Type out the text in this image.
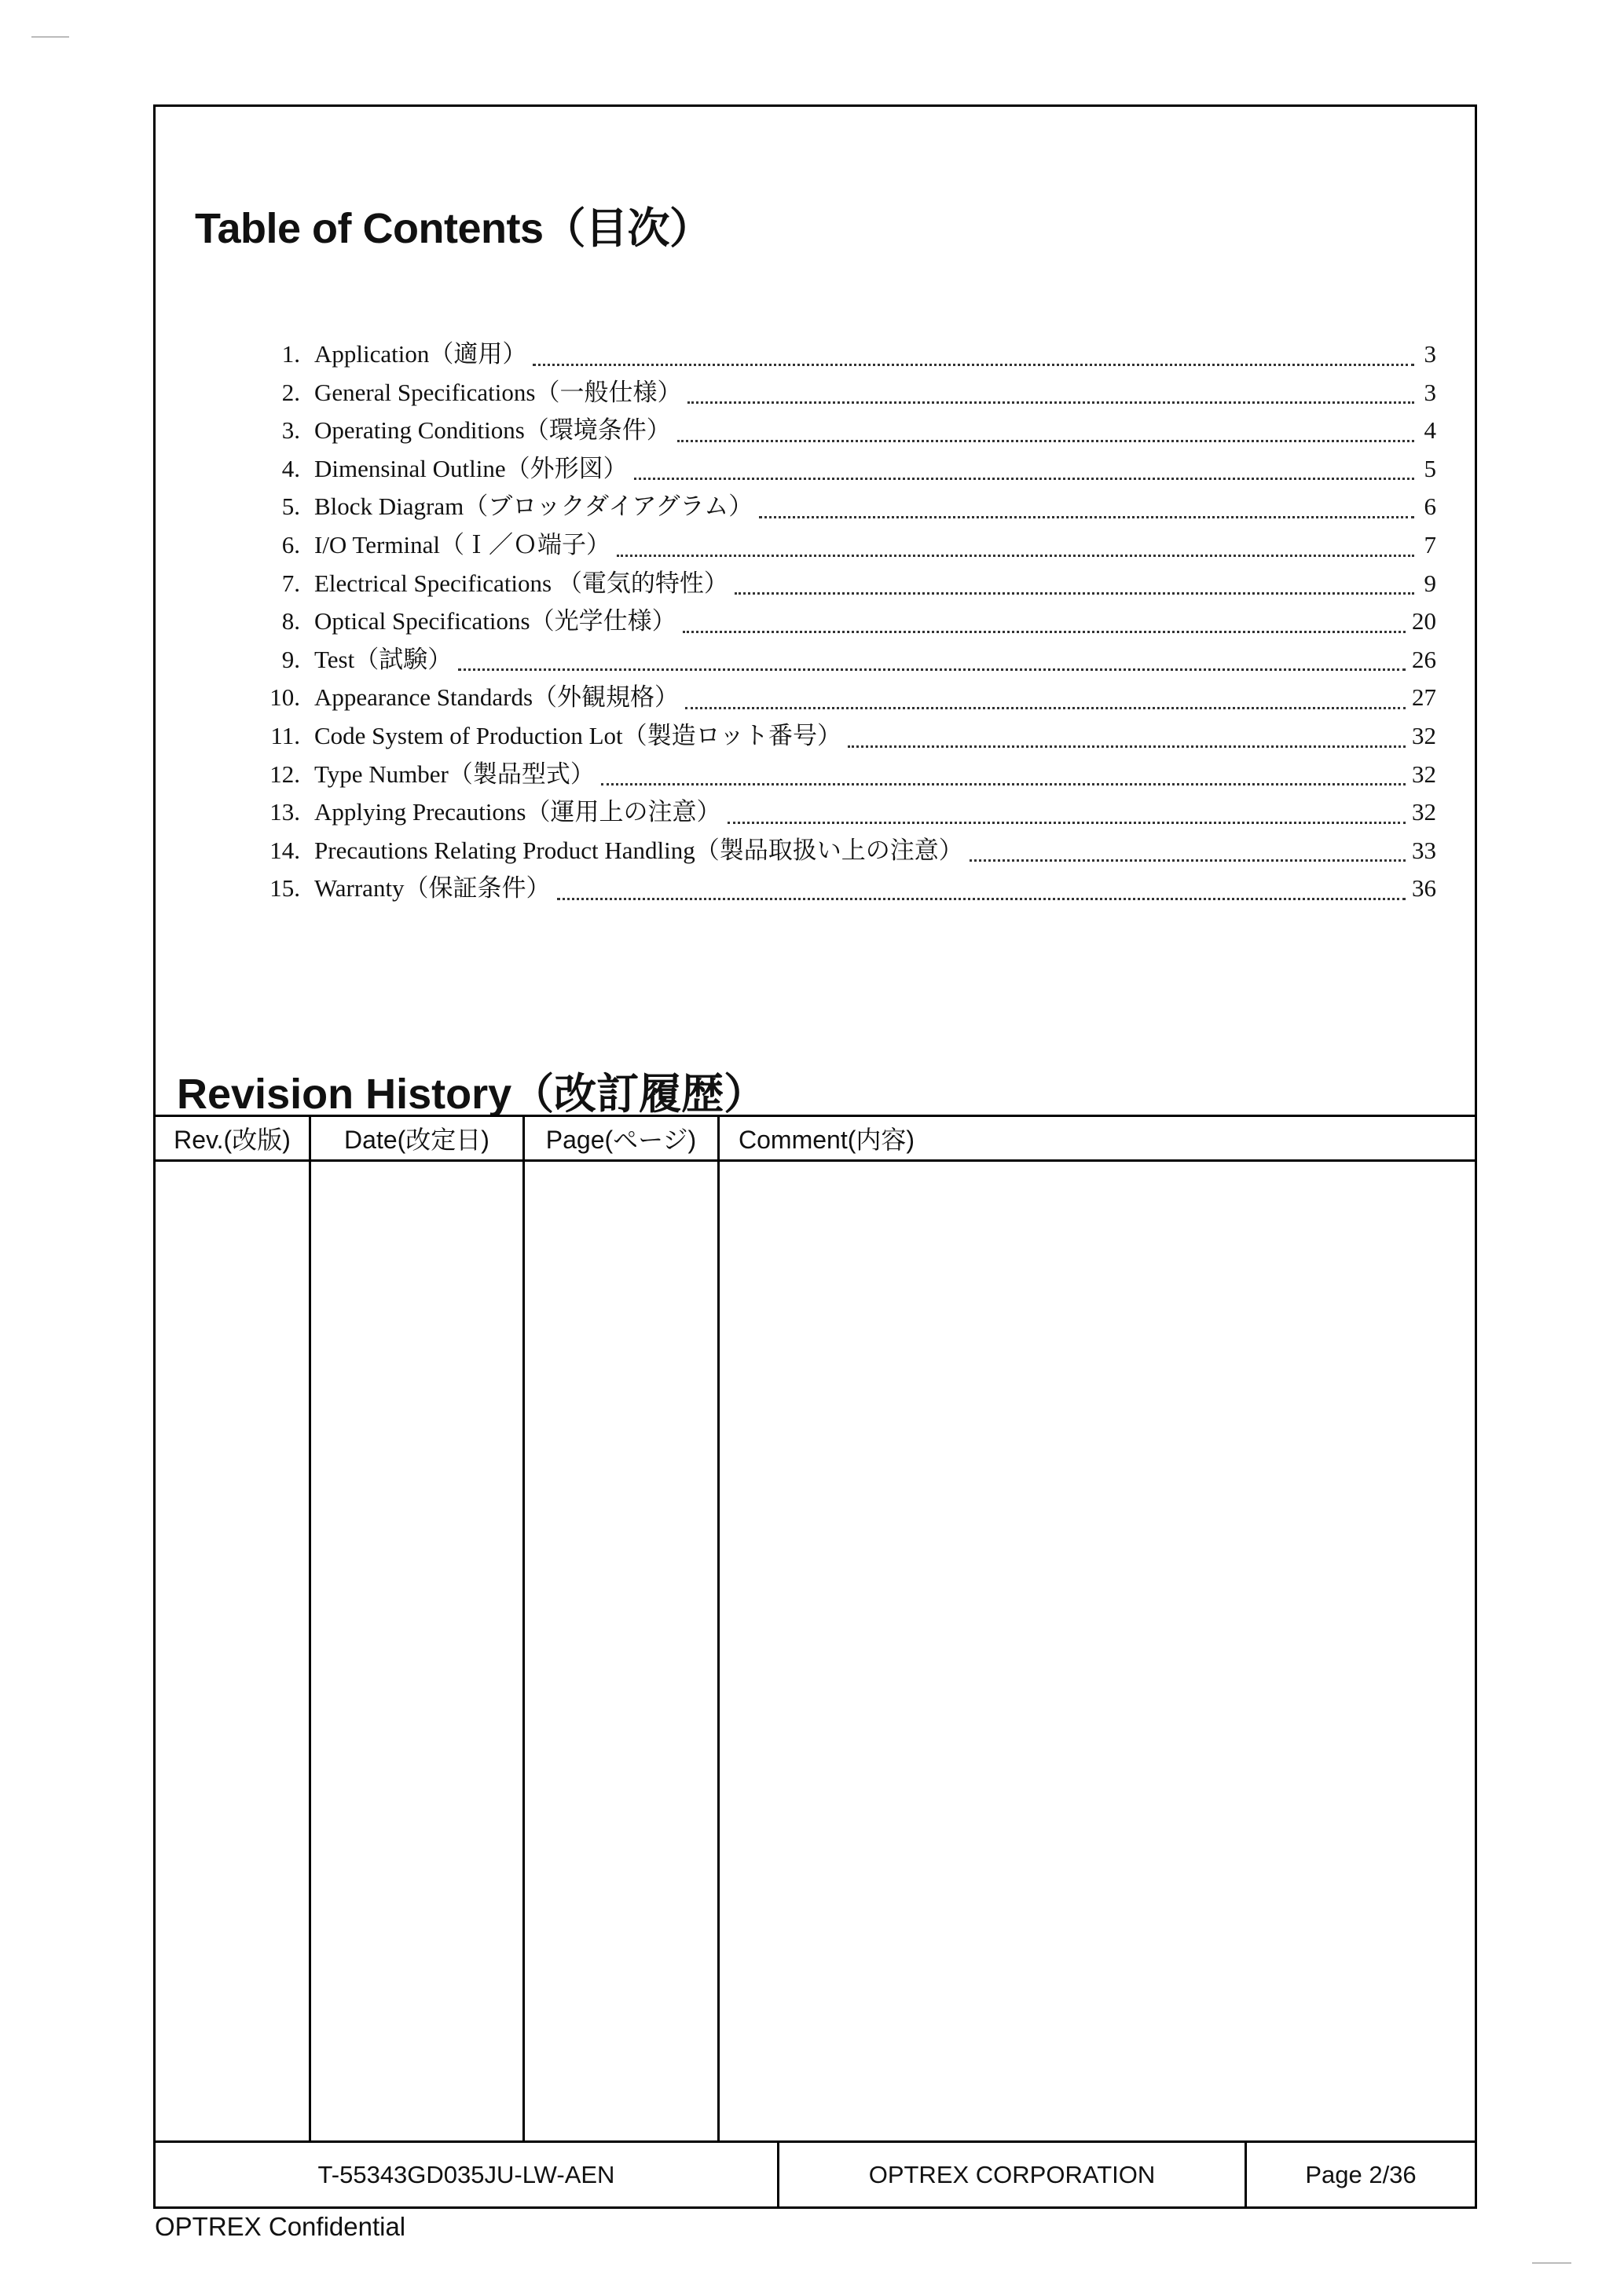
Table of Contents（目次）
1. Application（適用）	3
2. General Specifications（一般仕様）	3
3. Operating Conditions（環境条件）	4
4. Dimensinal Outline（外形図）	5
5. Block Diagram（ブロックダイアグラム）	6
6. I/O Terminal（Ｉ／Ｏ端子）	7
7. Electrical Specifications （電気的特性）	9
8. Optical Specifications（光学仕様）	20
9. Test（試験）	26
10. Appearance Standards（外観規格）	27
11. Code System of Production Lot（製造ロット番号）	32
12. Type Number（製品型式）	32
13. Applying Precautions（運用上の注意）	32
14. Precautions Relating Product Handling（製品取扱い上の注意）	33
15. Warranty（保証条件）	36
Revision History（改訂履歴）
Rev.(改版)	Date(改定日)	Page(ページ)	Comment(内容)

T-55343GD035JU-LW-AEN	OPTREX CORPORATION	Page 2/36
OPTREX Confidential
